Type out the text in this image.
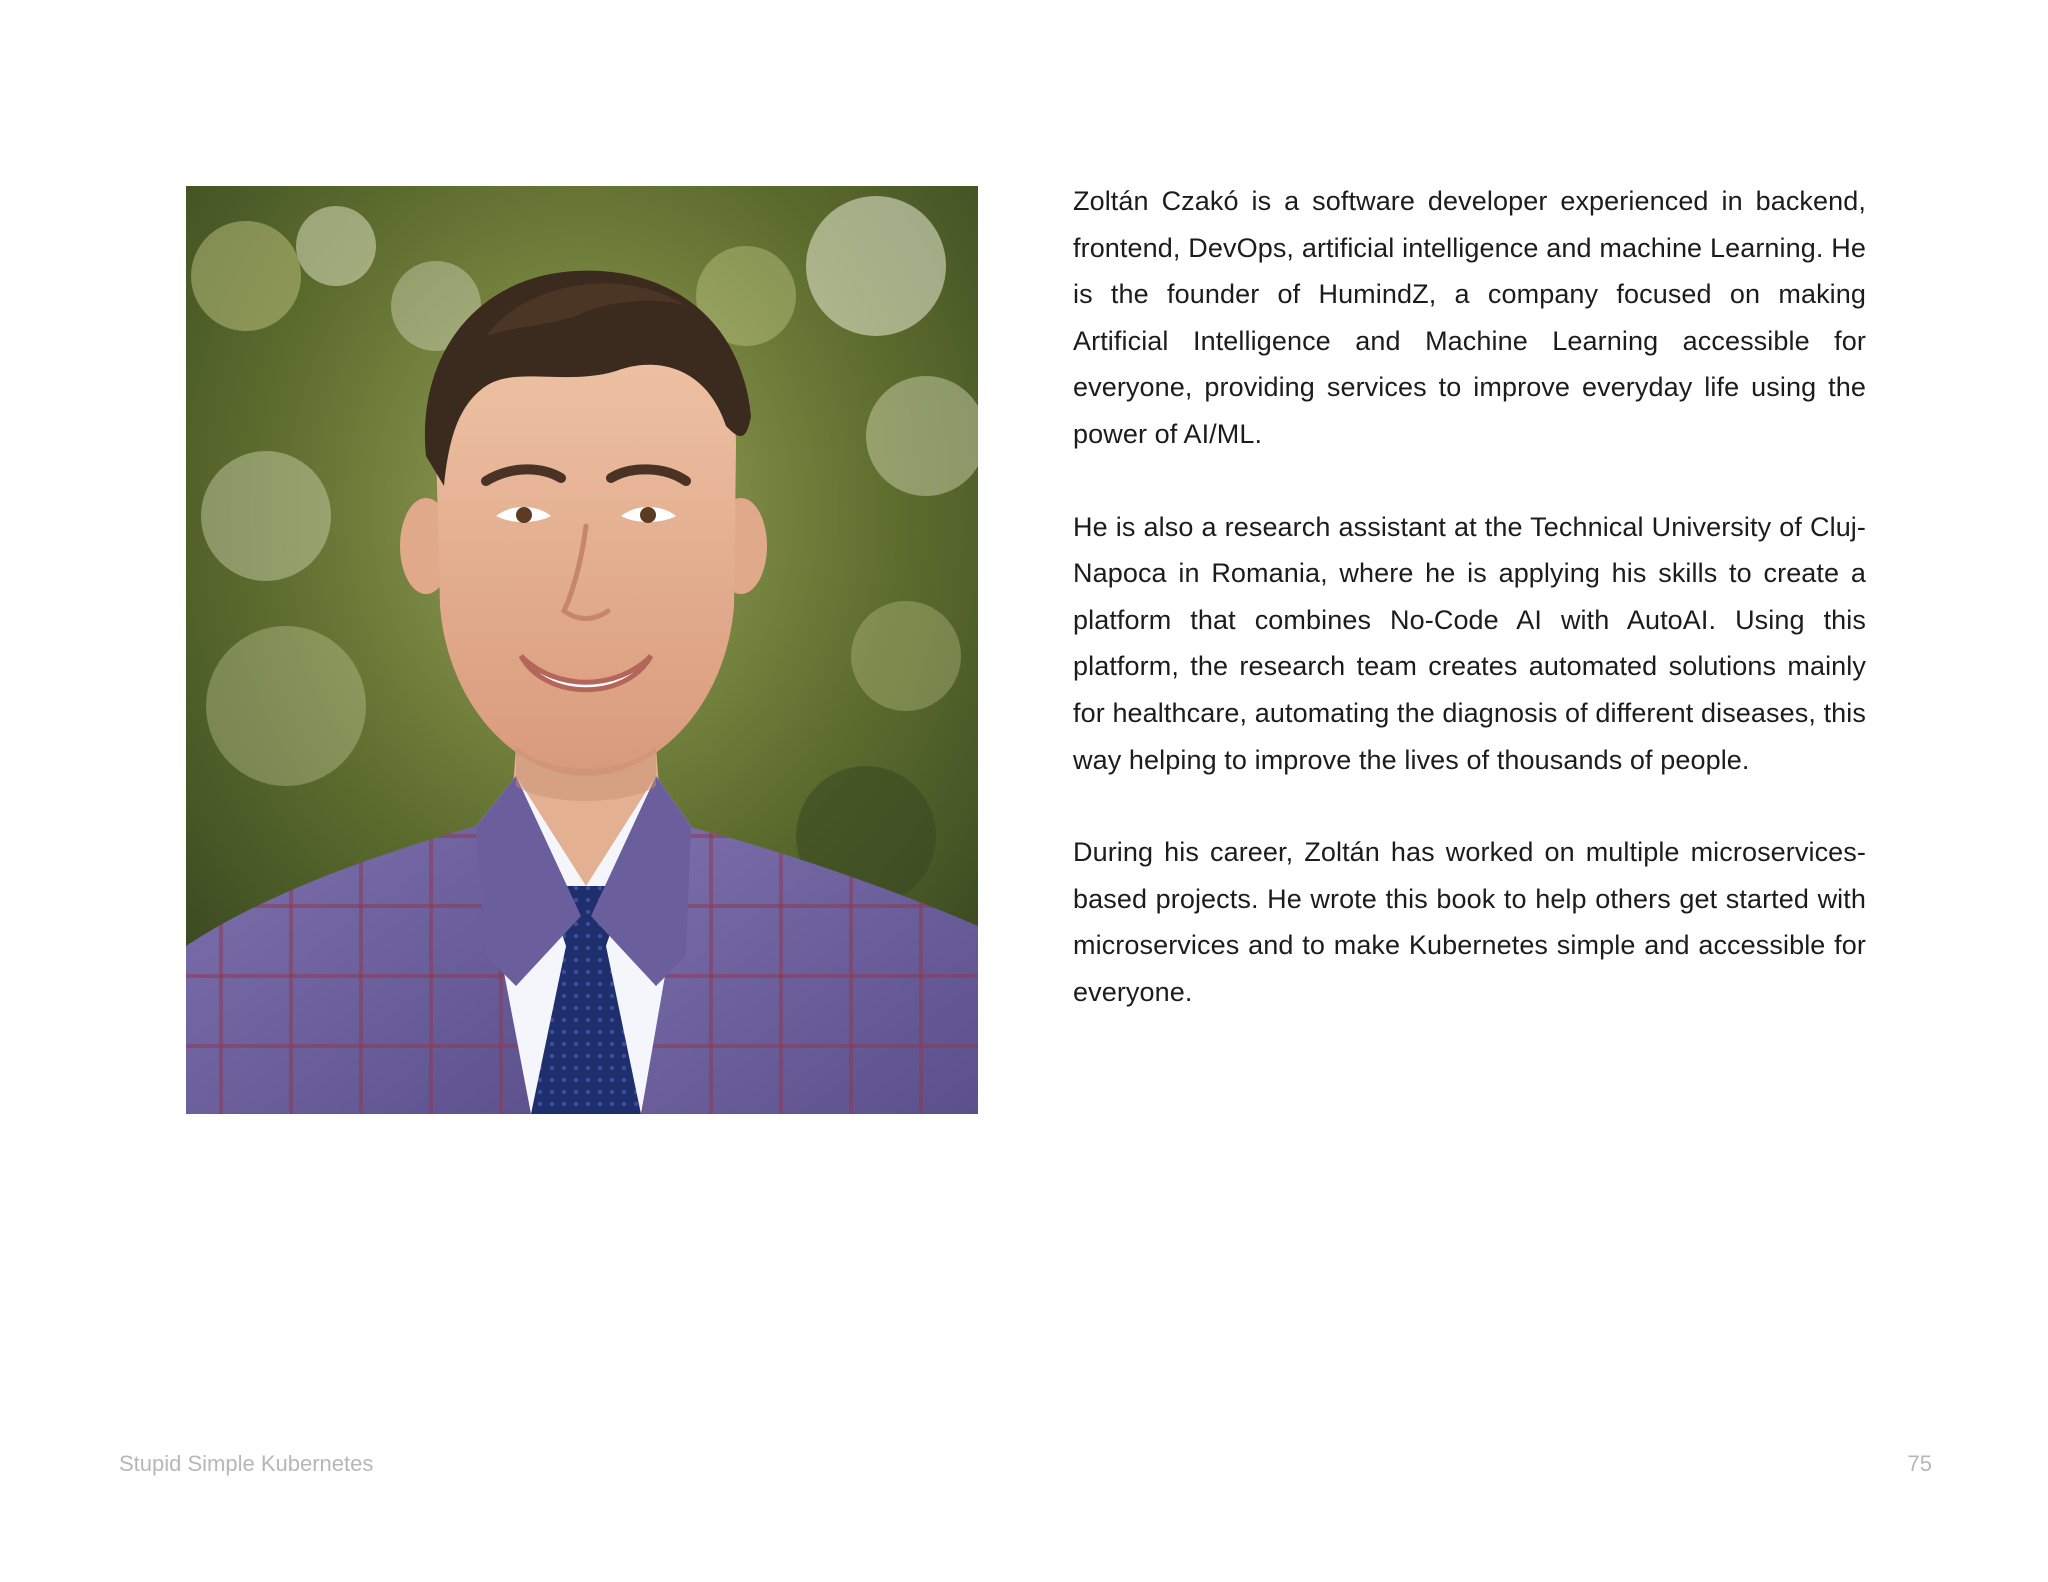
Zoltán Czakó is a software developer experienced in backend, frontend, DevOps, artificial intelligence and machine Learning. He is the founder of HumindZ, a company focused on making Artificial Intelligence and Machine Learning accessible for everyone, providing services to improve everyday life using the power of AI/ML.

He is also a research assistant at the Technical University of Cluj-Napoca in Romania, where he is applying his skills to create a platform that combines No-Code AI with AutoAI. Using this platform, the research team creates automated solutions mainly for healthcare, automating the diagnosis of different diseases, this way helping to improve the lives of thousands of people.

During his career, Zoltán has worked on multiple microservices-based projects. He wrote this book to help others get started with microservices and to make Kubernetes simple and accessible for everyone.

Stupid Simple Kubernetes	75
